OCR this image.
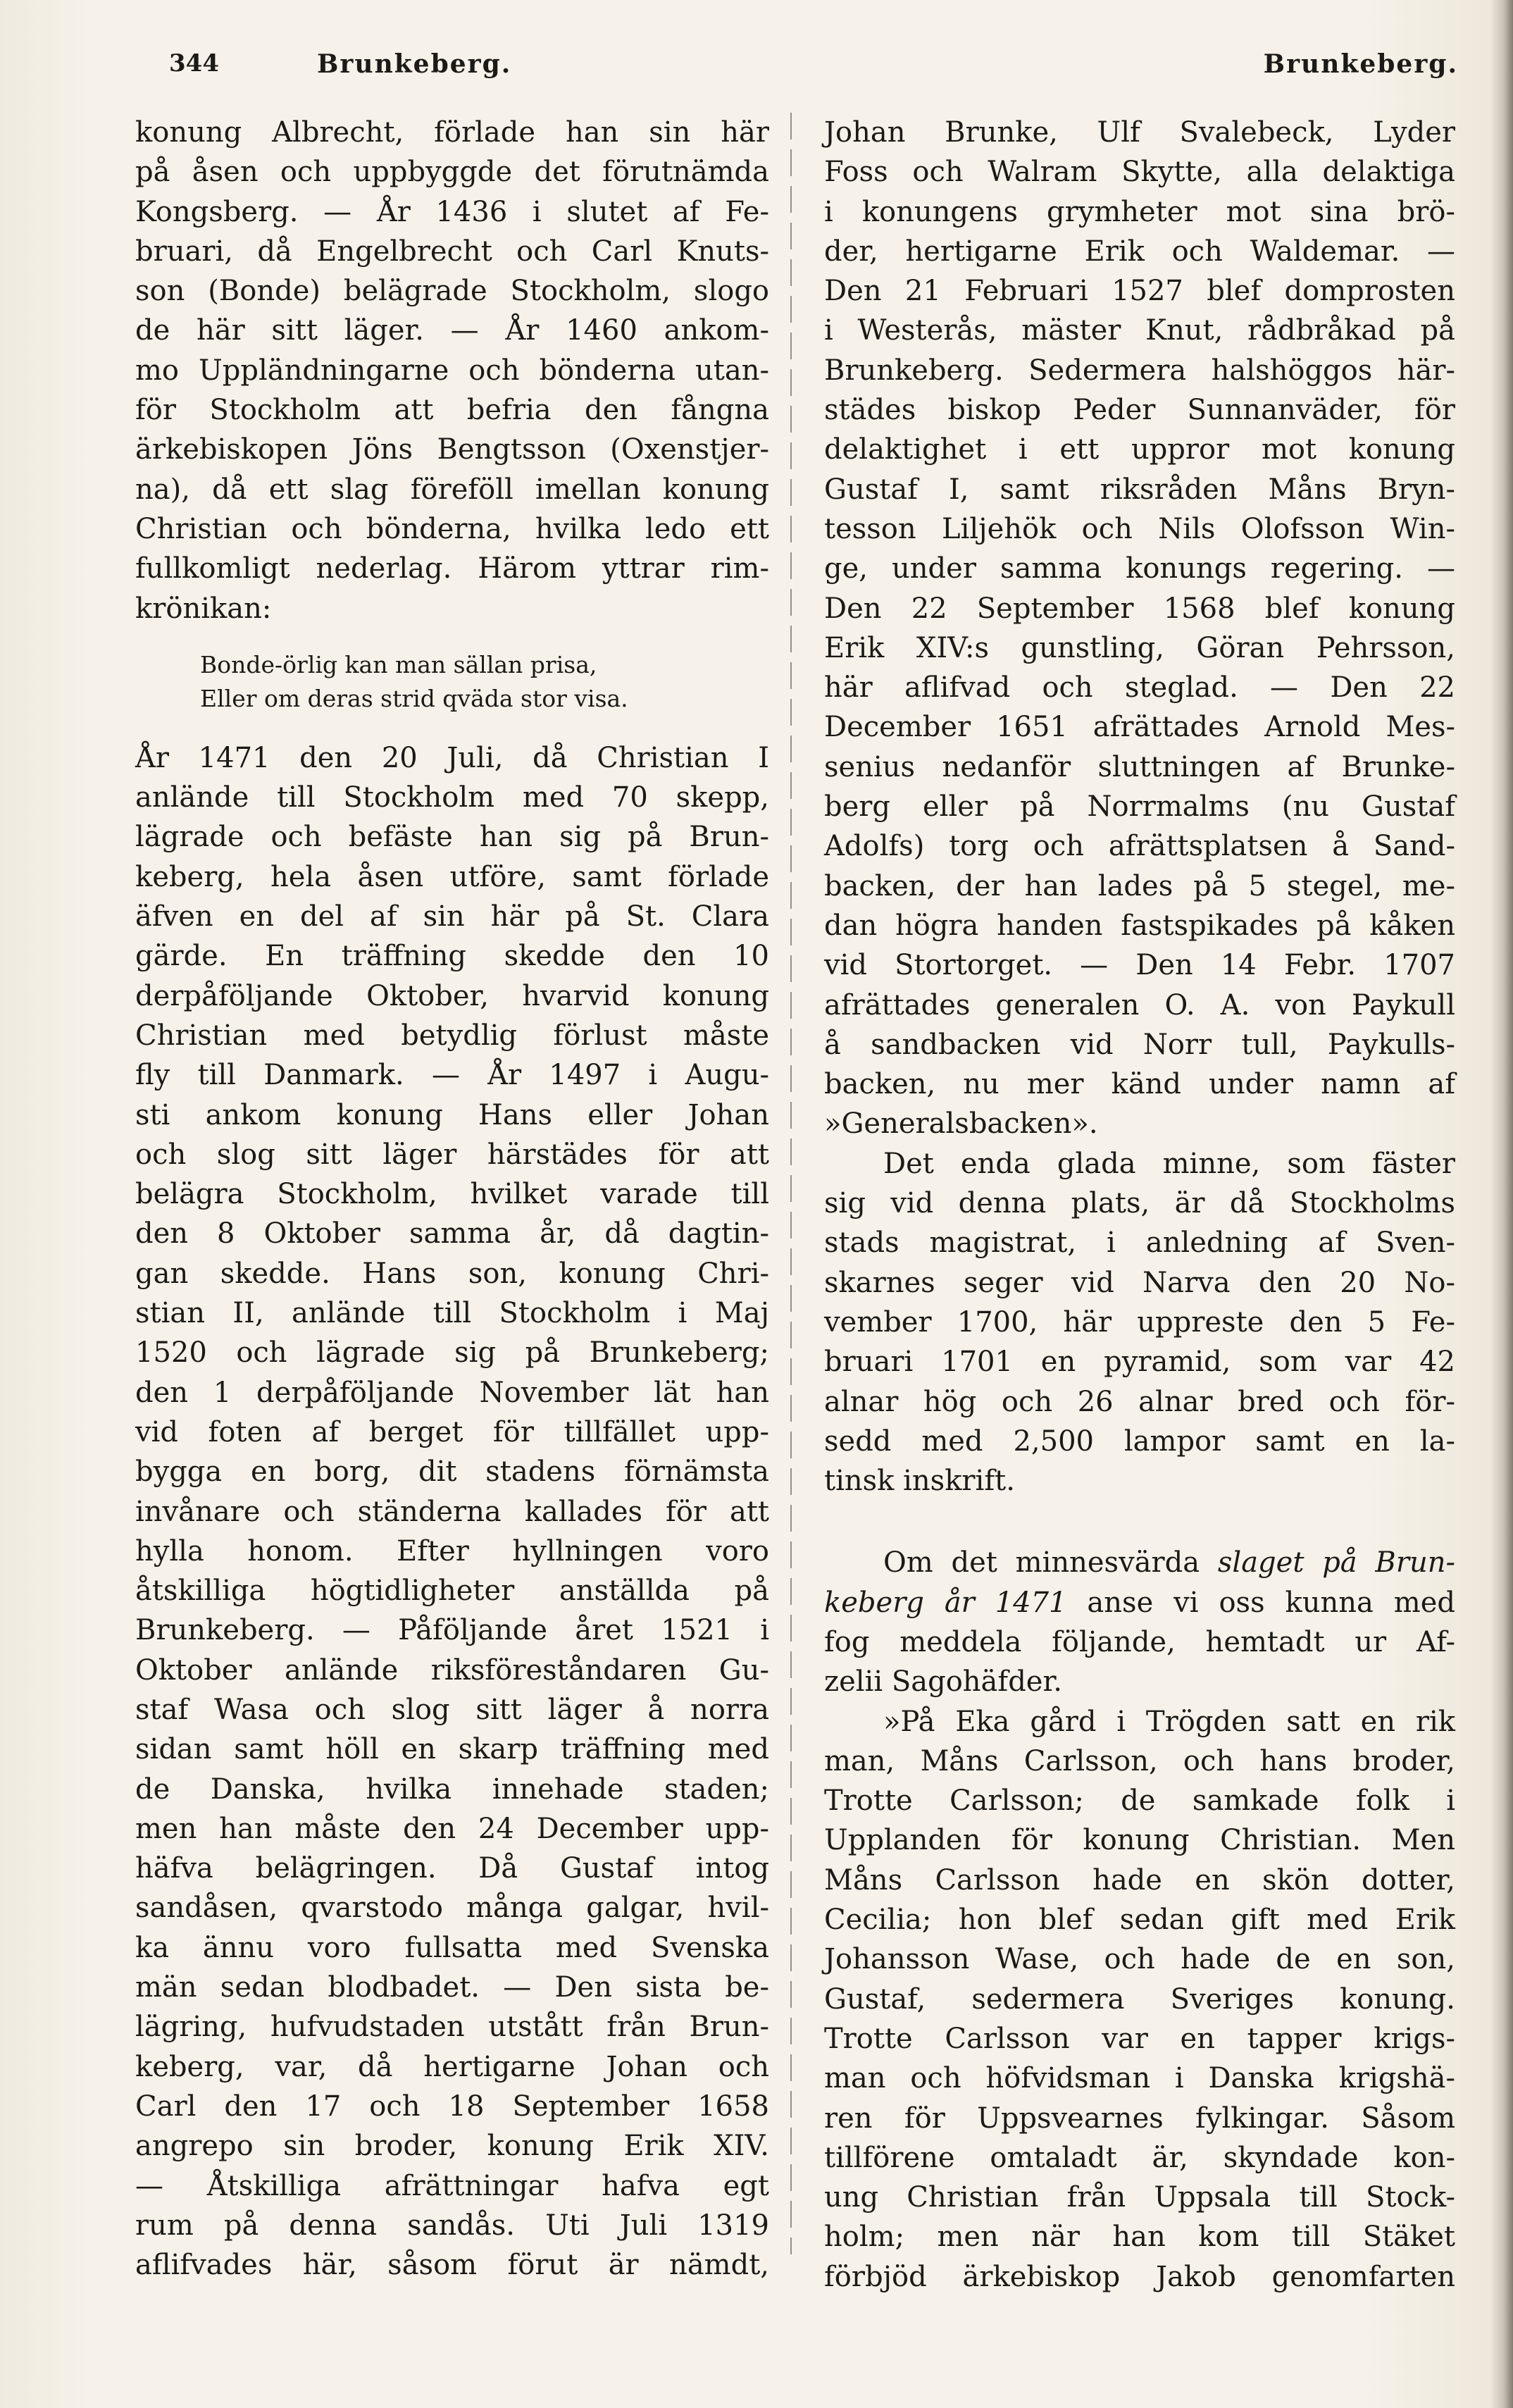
344	Brunkeberg.	Brunkeberg.

konung Albrecht, förlade han sin här
på åsen och uppbyggde det förutnämda
Kongsberg. — År 1436 i slutet af Fe-
bruari, då Engelbrecht och Carl Knuts-
son (Bonde) belägrade Stockholm, slogo
de här sitt läger. — År 1460 ankom-
mo Uppländningarne och bönderna utan-
för Stockholm att befria den fångna
ärkebiskopen Jöns Bengtsson (Oxenstjer-
na), då ett slag föreföll imellan konung
Christian och bönderna, hvilka ledo ett
fullkomligt nederlag. Härom yttrar rim-
krönikan:

Bonde-örlig kan man sällan prisa,
Eller om deras strid qväda stor visa.

År 1471 den 20 Juli, då Christian I
anlände till Stockholm med 70 skepp,
lägrade och befäste han sig på Brun-
keberg, hela åsen utföre, samt förlade
äfven en del af sin här på St. Clara
gärde. En träffning skedde den 10
derpåföljande Oktober, hvarvid konung
Christian med betydlig förlust måste
fly till Danmark. — År 1497 i Augu-
sti ankom konung Hans eller Johan
och slog sitt läger härstädes för att
belägra Stockholm, hvilket varade till
den 8 Oktober samma år, då dagtin-
gan skedde. Hans son, konung Chri-
stian II, anlände till Stockholm i Maj
1520 och lägrade sig på Brunkeberg;
den 1 derpåföljande November lät han
vid foten af berget för tillfället upp-
bygga en borg, dit stadens förnämsta
invånare och ständerna kallades för att
hylla honom. Efter hyllningen voro
åtskilliga högtidligheter anställda på
Brunkeberg. — Påföljande året 1521 i
Oktober anlände riksföreståndaren Gu-
staf Wasa och slog sitt läger å norra
sidan samt höll en skarp träffning med
de Danska, hvilka innehade staden;
men han måste den 24 December upp-
häfva belägringen. Då Gustaf intog
sandåsen, qvarstodo många galgar, hvil-
ka ännu voro fullsatta med Svenska
män sedan blodbadet. — Den sista be-
lägring, hufvudstaden utstått från Brun-
keberg, var, då hertigarne Johan och
Carl den 17 och 18 September 1658
angrepo sin broder, konung Erik XIV.
— Åtskilliga afrättningar hafva egt
rum på denna sandås. Uti Juli 1319
aflifvades här, såsom förut är nämdt,

Johan Brunke, Ulf Svalebeck, Lyder
Foss och Walram Skytte, alla delaktiga
i konungens grymheter mot sina brö-
der, hertigarne Erik och Waldemar. —
Den 21 Februari 1527 blef domprosten
i Westerås, mäster Knut, rådbråkad på
Brunkeberg. Sedermera halshöggos här-
städes biskop Peder Sunnanväder, för
delaktighet i ett uppror mot konung
Gustaf I, samt riksråden Måns Bryn-
tesson Liljehök och Nils Olofsson Win-
ge, under samma konungs regering. —
Den 22 September 1568 blef konung
Erik XIV:s gunstling, Göran Pehrsson,
här aflifvad och steglad. — Den 22
December 1651 afrättades Arnold Mes-
senius nedanför sluttningen af Brunke-
berg eller på Norrmalms (nu Gustaf
Adolfs) torg och afrättsplatsen å Sand-
backen, der han lades på 5 stegel, me-
dan högra handen fastspikades på kåken
vid Stortorget. — Den 14 Febr. 1707
afrättades generalen O. A. von Paykull
å sandbacken vid Norr tull, Paykulls-
backen, nu mer känd under namn af
»Generalsbacken».

Det enda glada minne, som fäster
sig vid denna plats, är då Stockholms
stads magistrat, i anledning af Sven-
skarnes seger vid Narva den 20 No-
vember 1700, här uppreste den 5 Fe-
bruari 1701 en pyramid, som var 42
alnar hög och 26 alnar bred och för-
sedd med 2,500 lampor samt en la-
tinsk inskrift.

Om det minnesvärda slaget på Brun-
keberg år 1471 anse vi oss kunna med

fog meddela följande, hemtadt ur Af-
zelii Sagohäfder.

»På Eka gård i Trögden satt en rik
man, Måns Carlsson, och hans broder,
Trotte Carlsson; de samkade folk i
Upplanden för konung Christian. Men
Måns Carlsson hade en skön dotter,
Cecilia; hon blef sedan gift med Erik
Johansson Wase, och hade de en son,
Gustaf, sedermera Sveriges konung.
Trotte Carlsson var en tapper krigs-
man och höfvidsman i Danska krigshä-
ren för Uppsvearnes fylkingar. Såsom
tillförene omtaladt är, skyndade kon-
ung Christian från Uppsala till Stock-
holm; men när han kom till Stäket
förbjöd ärkebiskop Jakob genomfarten
